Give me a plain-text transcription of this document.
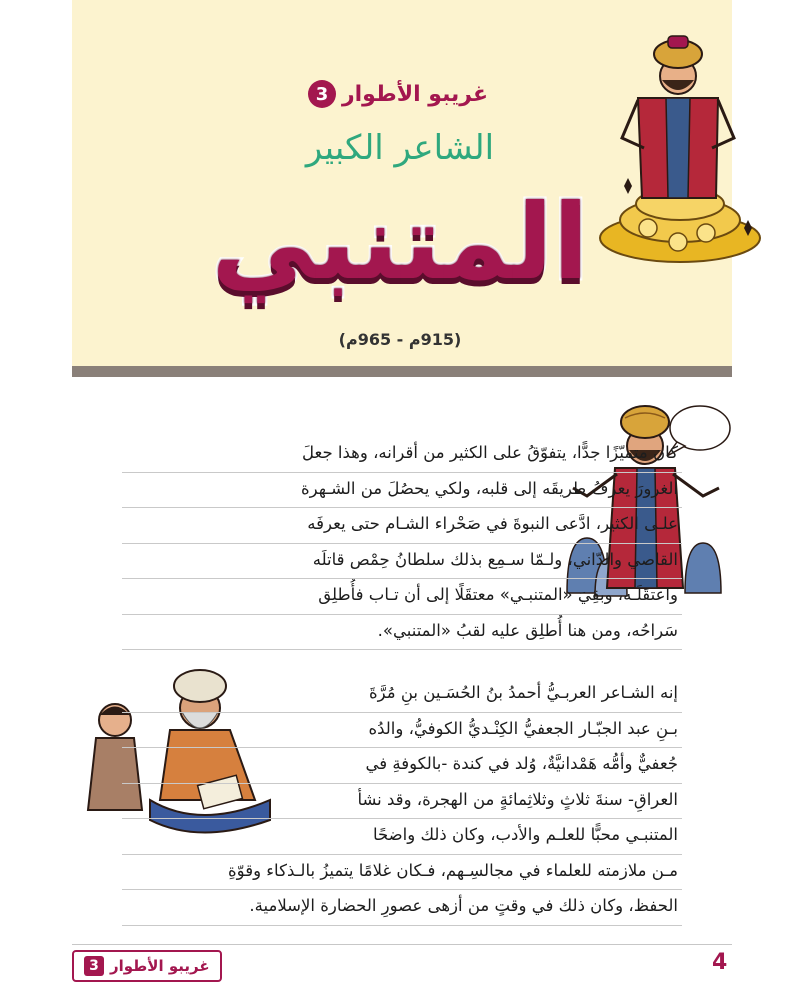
غريبو الأطوار
3
الشاعر الكبير
المتنبي
(915م - 965م)
كان متميّزًا جدًّا، يتفوّقُ على الكثير من أقرانه، وهذا جعلَ
الغرورَ يعرفُ طريقَه إلى قلبه، ولكي يحصُلَ من الشـهرة
علـى الكثير، ادَّعى النبوةَ في صَحْراء الشـام حتى يعرفَه
القاصي والدّاني، ولـمّا سـمِع بذلك سلطانُ حِمْص قاتلَه
واعتقَلَـه، وبقِيَ «المتنبـي» معتقَلًا إلى أن تـاب فأُطلِق
سَراحُه، ومن هنا أُطلِق عليه لقبُ «المتنبي».
إنه الشـاعر العربـيُّ أحمدُ بنُ الحُسَـين بنِ مُرَّةَ
بـنِ عبد الجبّـار الجعفيُّ الكِنْـديُّ الكوفيُّ، والدُه
جُعفيٌّ وأمُّه هَمْدانيَّةٌ، وُلد في كندة -بالكوفةِ في
العراقِ- سنةَ ثلاثٍ وثلاثِمائةٍ من الهجرة، وقد نشأ
المتنبـي محبًّا للعلـم والأدب، وكان ذلك واضحًا
مـن ملازمته للعلماء في مجالسِـهم، فـكان غلامًا يتميزُ بالـذكاء وقوّةِ
الحفظ، وكان ذلك في وقتٍ من أزهى عصورِ الحضارة الإسلامية.
غريبو الأطوار
3	4
